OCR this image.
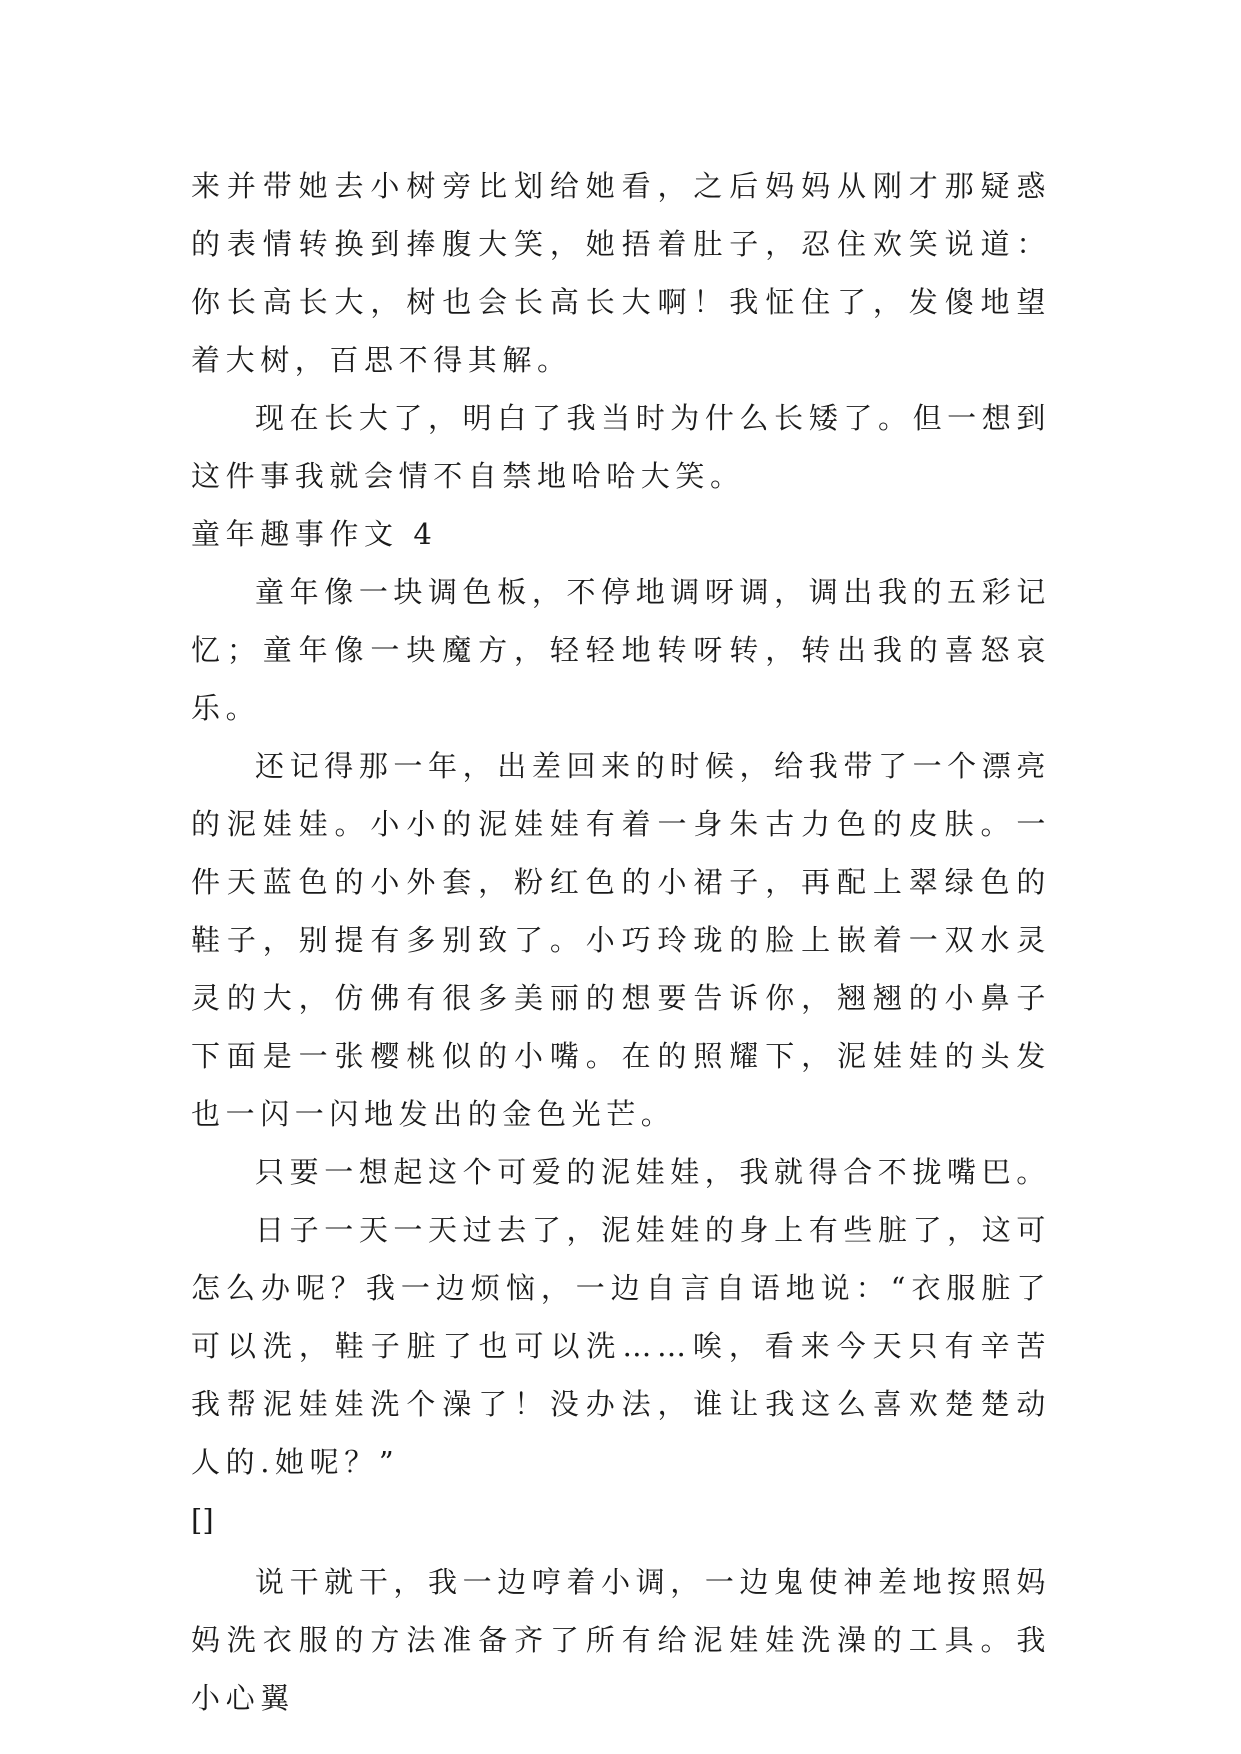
来并带她去小树旁比划给她看，之后妈妈从刚才那疑惑的表情转换到捧腹大笑，她捂着肚子，忍住欢笑说道：你长高长大，树也会长高长大啊！我怔住了，发傻地望着大树，百思不得其解。

现在长大了，明白了我当时为什么长矮了。但一想到这件事我就会情不自禁地哈哈大笑。

童年趣事作文 4

童年像一块调色板，不停地调呀调，调出我的五彩记忆；童年像一块魔方，轻轻地转呀转，转出我的喜怒哀乐。

还记得那一年，出差回来的时候，给我带了一个漂亮的泥娃娃。小小的泥娃娃有着一身朱古力色的皮肤。一件天蓝色的小外套，粉红色的小裙子，再配上翠绿色的鞋子，别提有多别致了。小巧玲珑的脸上嵌着一双水灵灵的大，仿佛有很多美丽的想要告诉你，翘翘的小鼻子下面是一张樱桃似的小嘴。在的照耀下，泥娃娃的头发也一闪一闪地发出的金色光芒。

只要一想起这个可爱的泥娃娃，我就得合不拢嘴巴。

日子一天一天过去了，泥娃娃的身上有些脏了，这可怎么办呢？我一边烦恼，一边自言自语地说：“衣服脏了可以洗，鞋子脏了也可以洗……唉，看来今天只有辛苦我帮泥娃娃洗个澡了！没办法，谁让我这么喜欢楚楚动人的.她呢？”

[]

说干就干，我一边哼着小调，一边鬼使神差地按照妈妈洗衣服的方法准备齐了所有给泥娃娃洗澡的工具。我小心翼
